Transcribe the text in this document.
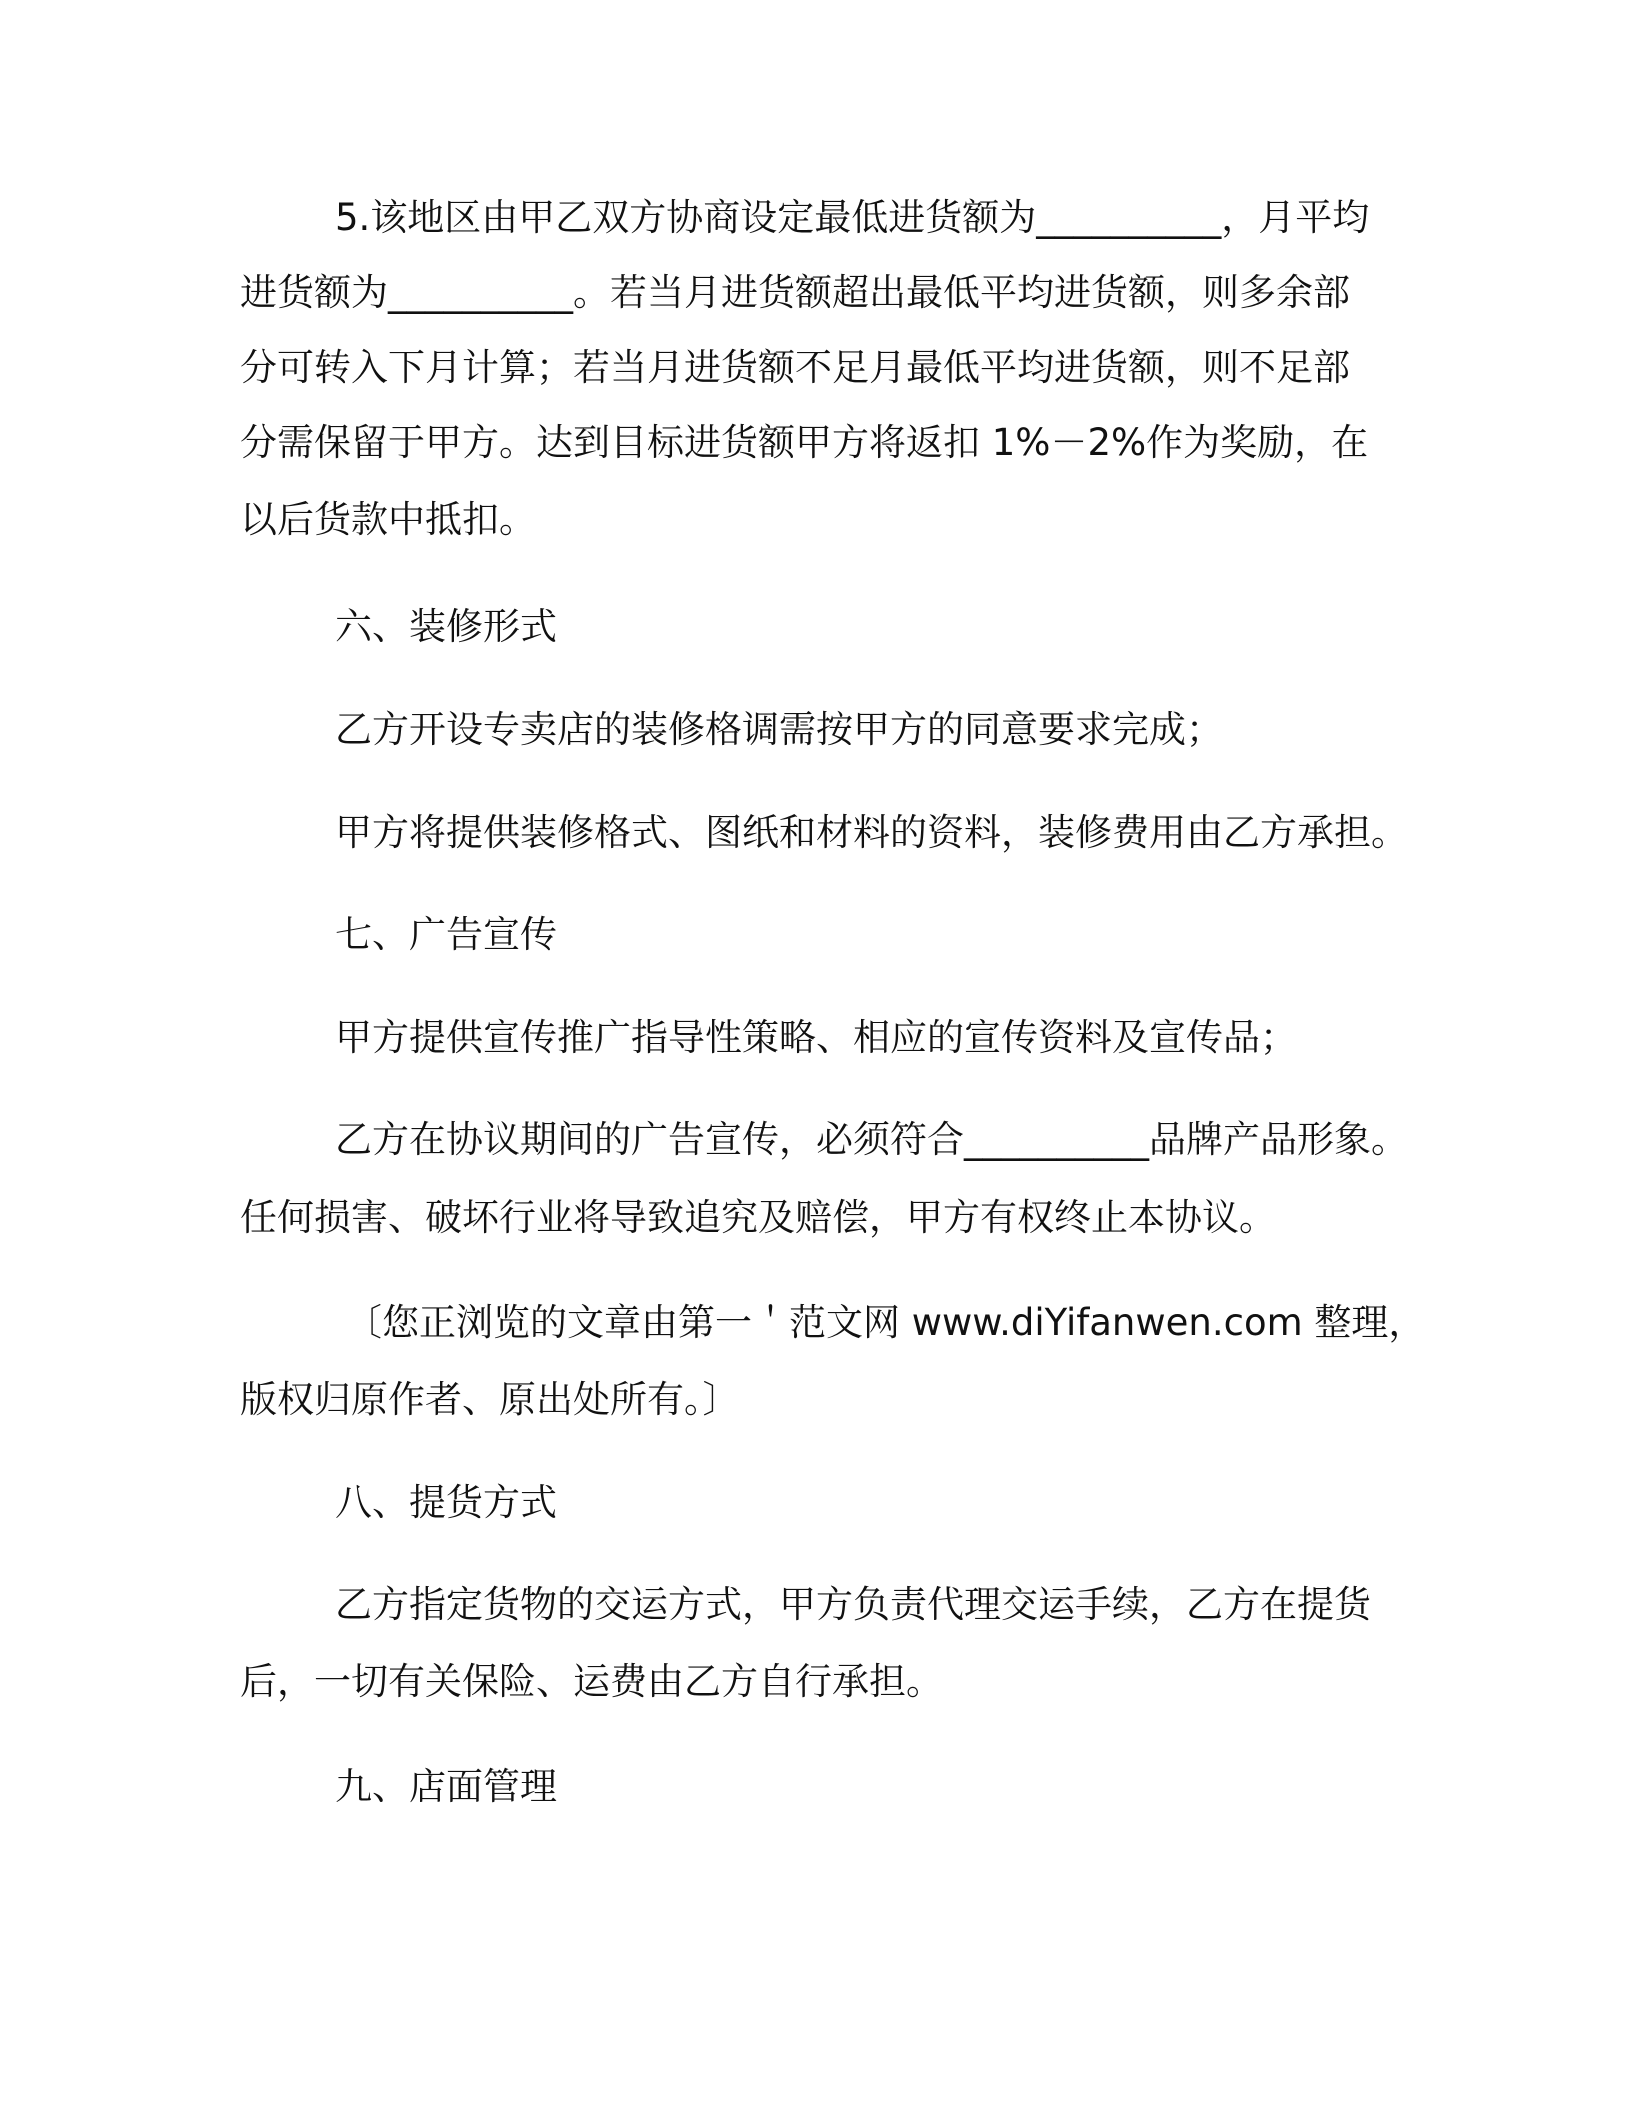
5.该地区由甲乙双方协商设定最低进货额为__________，月平均
进货额为__________。若当月进货额超出最低平均进货额，则多余部
分可转入下月计算；若当月进货额不足月最低平均进货额，则不足部
分需保留于甲方。达到目标进货额甲方将返扣 1%－2%作为奖励，在
以后货款中抵扣。
六、装修形式
乙方开设专卖店的装修格调需按甲方的同意要求完成；
甲方将提供装修格式、图纸和材料的资料，装修费用由乙方承担。
七、广告宣传
甲方提供宣传推广指导性策略、相应的宣传资料及宣传品；
乙方在协议期间的广告宣传，必须符合__________品牌产品形象。
任何损害、破坏行业将导致追究及赔偿，甲方有权终止本协议。
〔您正浏览的文章由第一＇范文网 www.diYifanwen.com 整理，
版权归原作者、原出处所有。〕
八、提货方式
乙方指定货物的交运方式，甲方负责代理交运手续，乙方在提货
后，一切有关保险、运费由乙方自行承担。
九、店面管理
